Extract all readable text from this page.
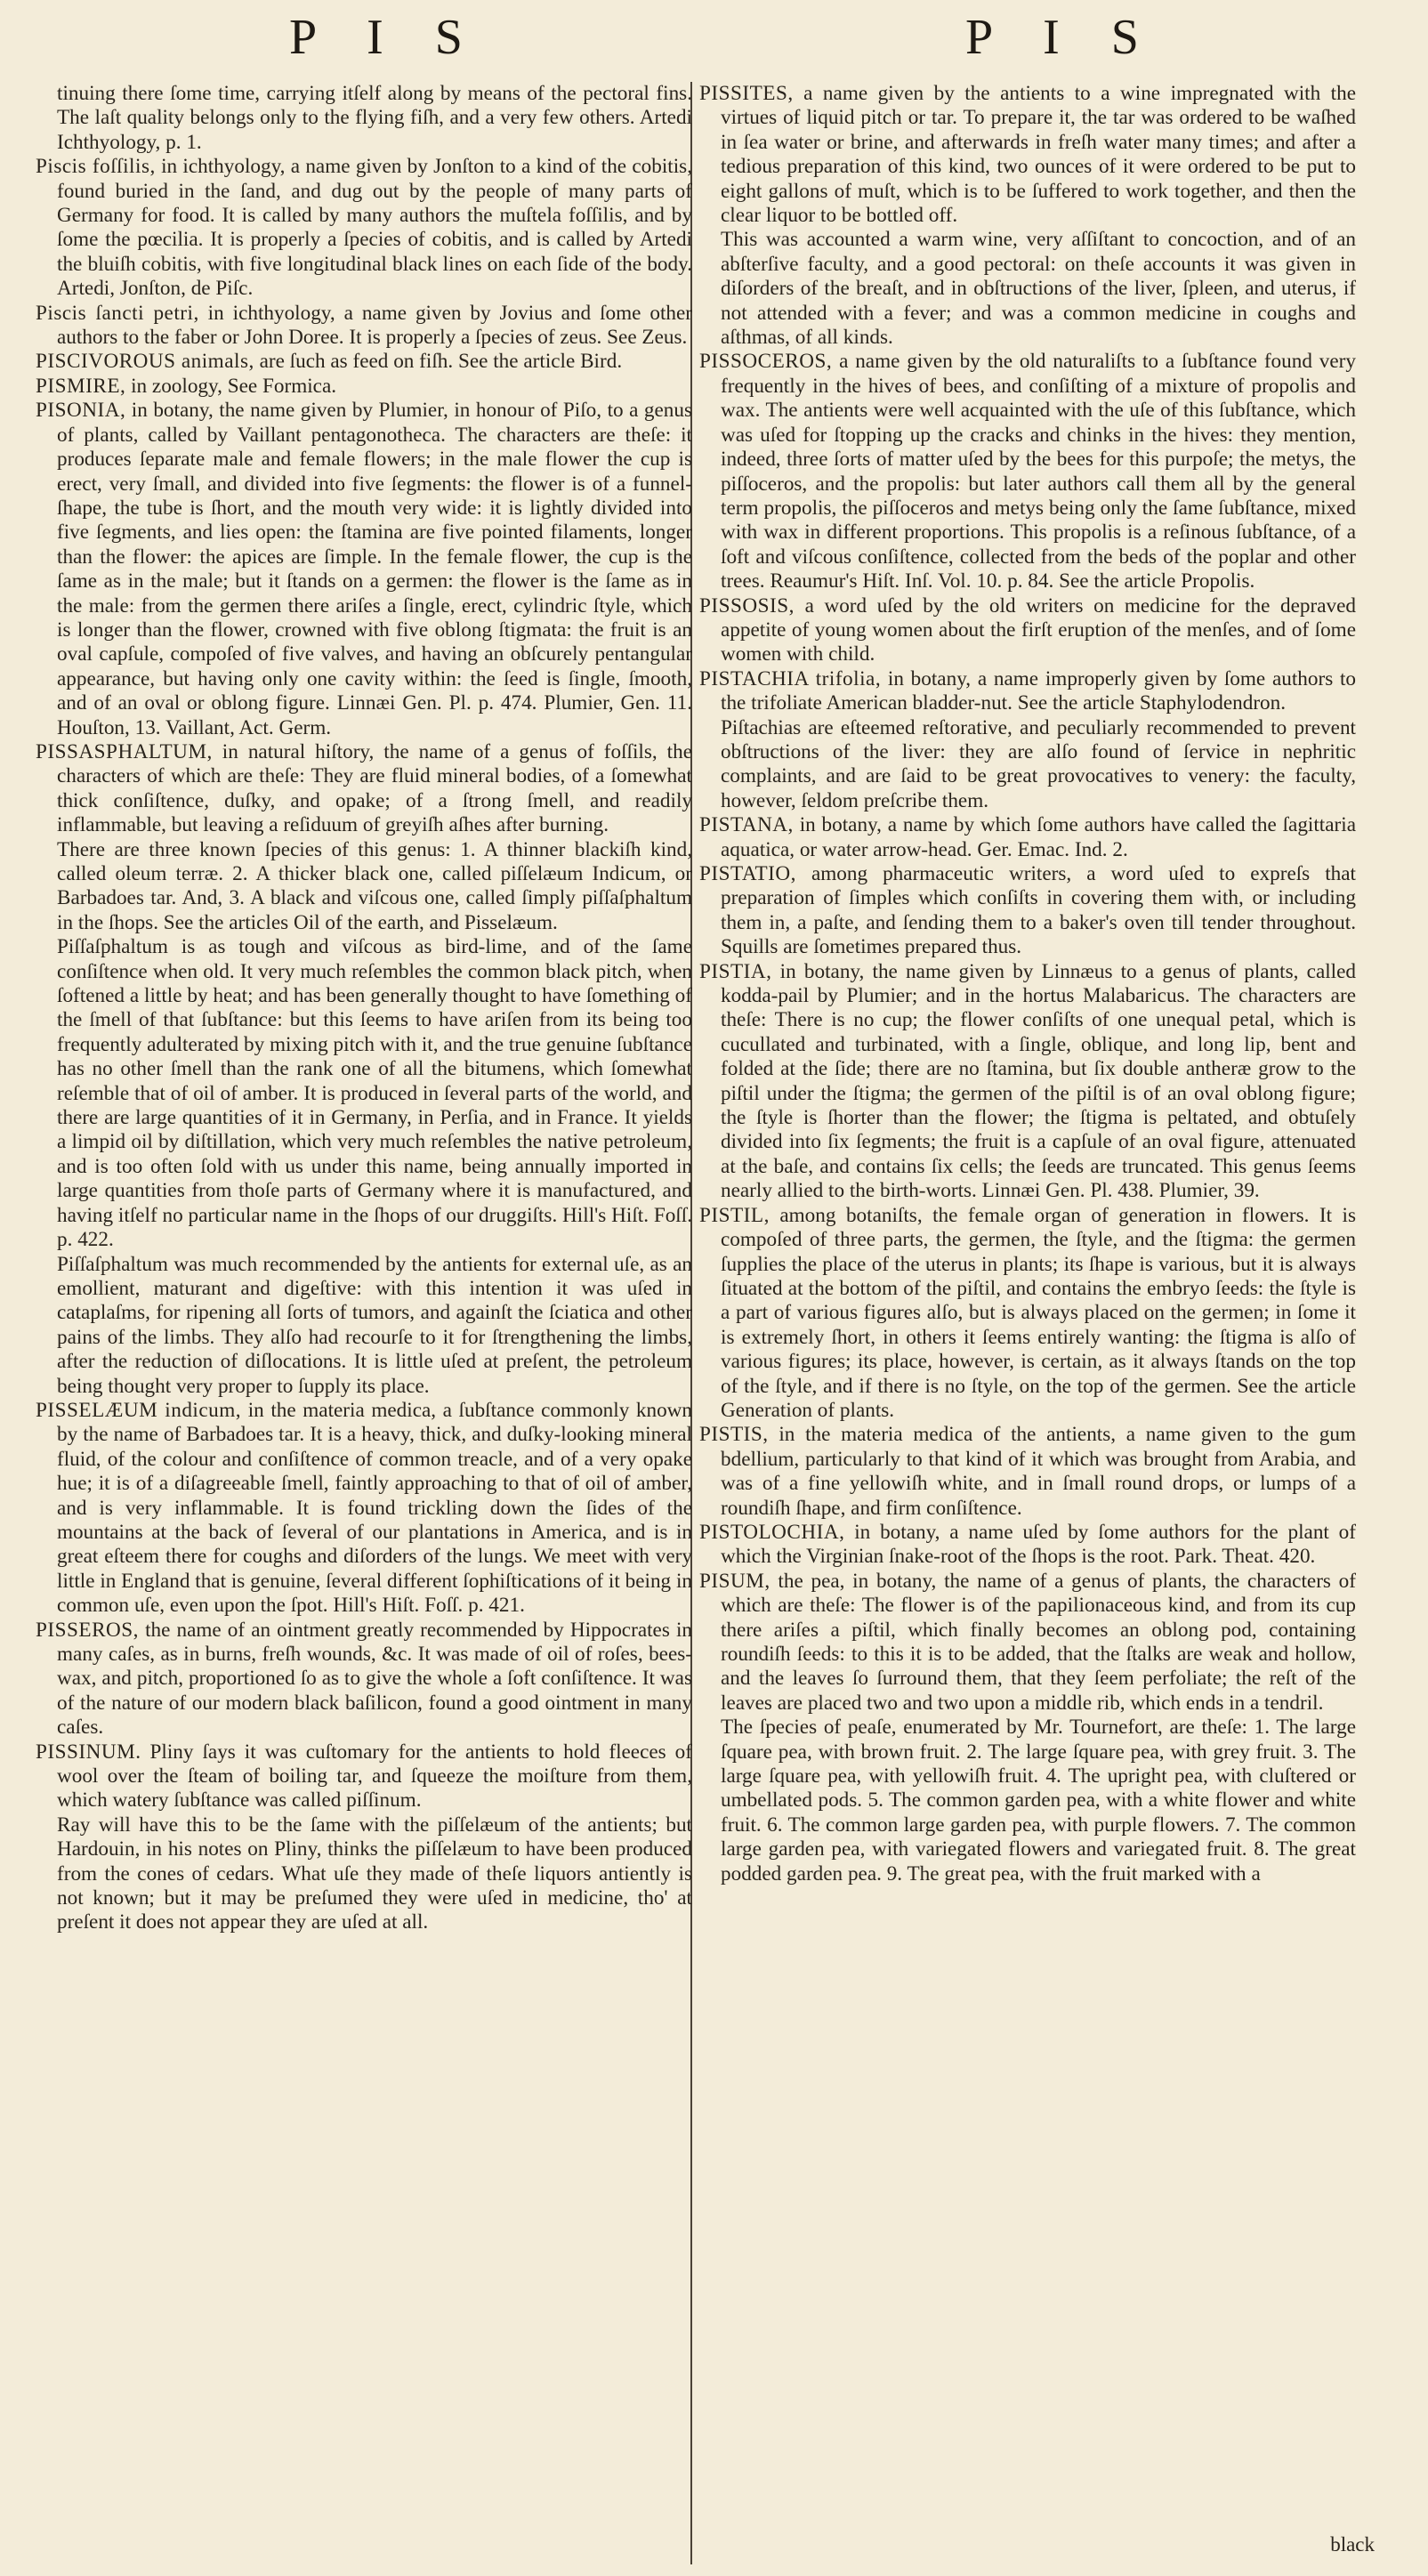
P I S	P I S

tinuing there ſome time, carrying itſelf along by means of the pectoral fins. The laſt quality belongs only to the flying fiſh, and a very few others. Artedi Ichthyology, p. 1.

Piscis foſſilis, in ichthyology, a name given by Jonſton to a kind of the cobitis, found buried in the ſand, and dug out by the people of many parts of Germany for food. It is called by many authors the muſtela foſſilis, and by ſome the pœcilia. It is properly a ſpecies of cobitis, and is called by Artedi the bluiſh cobitis, with five longitudinal black lines on each ſide of the body. Artedi, Jonſton, de Piſc.

Piscis ſancti petri, in ichthyology, a name given by Jovius and ſome other authors to the faber or John Doree. It is properly a ſpecies of zeus. See Zeus.

PISCIVOROUS animals, are ſuch as feed on fiſh. See the article Bird.

PISMIRE, in zoology, See Formica.

PISONIA, in botany, the name given by Plumier, in honour of Piſo, to a genus of plants, called by Vaillant pentagonotheca. The characters are theſe: it produces ſeparate male and female flowers; in the male flower the cup is erect, very ſmall, and divided into five ſegments: the flower is of a funnel-ſhape, the tube is ſhort, and the mouth very wide: it is lightly divided into five ſegments, and lies open: the ſtamina are five pointed filaments, longer than the flower: the apices are ſimple. In the female flower, the cup is the ſame as in the male; but it ſtands on a germen: the flower is the ſame as in the male: from the germen there ariſes a ſingle, erect, cylindric ſtyle, which is longer than the flower, crowned with five oblong ſtigmata: the fruit is an oval capſule, compoſed of five valves, and having an obſcurely pentangular appearance, but having only one cavity within: the ſeed is ſingle, ſmooth, and of an oval or oblong figure. Linnæi Gen. Pl. p. 474. Plumier, Gen. 11. Houſton, 13. Vaillant, Act. Germ.

PISSASPHALTUM, in natural hiſtory, the name of a genus of foſſils, the characters of which are theſe: They are fluid mineral bodies, of a ſomewhat thick conſiſtence, duſky, and opake; of a ſtrong ſmell, and readily inflammable, but leaving a reſiduum of greyiſh aſhes after burning.

There are three known ſpecies of this genus: 1. A thinner blackiſh kind, called oleum terræ. 2. A thicker black one, called piſſelæum Indicum, or Barbadoes tar. And, 3. A black and viſcous one, called ſimply piſſaſphaltum in the ſhops. See the articles Oil of the earth, and Pisselæum.

Piſſaſphaltum is as tough and viſcous as bird-lime, and of the ſame conſiſtence when old. It very much reſembles the common black pitch, when ſoftened a little by heat; and has been generally thought to have ſomething of the ſmell of that ſubſtance: but this ſeems to have ariſen from its being too frequently adulterated by mixing pitch with it, and the true genuine ſubſtance has no other ſmell than the rank one of all the bitumens, which ſomewhat reſemble that of oil of amber. It is produced in ſeveral parts of the world, and there are large quantities of it in Germany, in Perſia, and in France. It yields a limpid oil by diſtillation, which very much reſembles the native petroleum, and is too often ſold with us under this name, being annually imported in large quantities from thoſe parts of Germany where it is manufactured, and having itſelf no particular name in the ſhops of our druggiſts. Hill's Hiſt. Foſſ. p. 422.

Piſſaſphaltum was much recommended by the antients for external uſe, as an emollient, maturant and digeſtive: with this intention it was uſed in cataplaſms, for ripening all ſorts of tumors, and againſt the ſciatica and other pains of the limbs. They alſo had recourſe to it for ſtrengthening the limbs, after the reduction of diſlocations. It is little uſed at preſent, the petroleum being thought very proper to ſupply its place.

PISSELÆUM indicum, in the materia medica, a ſubſtance commonly known by the name of Barbadoes tar. It is a heavy, thick, and duſky-looking mineral fluid, of the colour and conſiſtence of common treacle, and of a very opake hue; it is of a diſagreeable ſmell, faintly approaching to that of oil of amber, and is very inflammable. It is found trickling down the ſides of the mountains at the back of ſeveral of our plantations in America, and is in great eſteem there for coughs and diſorders of the lungs. We meet with very little in England that is genuine, ſeveral different ſophiſtications of it being in common uſe, even upon the ſpot. Hill's Hiſt. Foſſ. p. 421.

PISSEROS, the name of an ointment greatly recommended by Hippocrates in many caſes, as in burns, freſh wounds, &c. It was made of oil of roſes, bees-wax, and pitch, proportioned ſo as to give the whole a ſoft conſiſtence. It was of the nature of our modern black baſilicon, found a good ointment in many caſes.

PISSINUM. Pliny ſays it was cuſtomary for the antients to hold fleeces of wool over the ſteam of boiling tar, and ſqueeze the moiſture from them, which watery ſubſtance was called piſſinum.

Ray will have this to be the ſame with the piſſelæum of the antients; but Hardouin, in his notes on Pliny, thinks the piſſelæum to have been produced from the cones of cedars. What uſe they made of theſe liquors antiently is not known; but it may be preſumed they were uſed in medicine, tho' at preſent it does not appear they are uſed at all.

PISSITES, a name given by the antients to a wine impregnated with the virtues of liquid pitch or tar. To prepare it, the tar was ordered to be waſhed in ſea water or brine, and afterwards in freſh water many times; and after a tedious preparation of this kind, two ounces of it were ordered to be put to eight gallons of muſt, which is to be ſuffered to work together, and then the clear liquor to be bottled off.

This was accounted a warm wine, very aſſiſtant to concoction, and of an abſterſive faculty, and a good pectoral: on theſe accounts it was given in diſorders of the breaſt, and in obſtructions of the liver, ſpleen, and uterus, if not attended with a fever; and was a common medicine in coughs and aſthmas, of all kinds.

PISSOCEROS, a name given by the old naturaliſts to a ſubſtance found very frequently in the hives of bees, and conſiſting of a mixture of propolis and wax. The antients were well acquainted with the uſe of this ſubſtance, which was uſed for ſtopping up the cracks and chinks in the hives: they mention, indeed, three ſorts of matter uſed by the bees for this purpoſe; the metys, the piſſoceros, and the propolis: but later authors call them all by the general term propolis, the piſſoceros and metys being only the ſame ſubſtance, mixed with wax in different proportions. This propolis is a reſinous ſubſtance, of a ſoft and viſcous conſiſtence, collected from the beds of the poplar and other trees. Reaumur's Hiſt. Inſ. Vol. 10. p. 84. See the article Propolis.

PISSOSIS, a word uſed by the old writers on medicine for the depraved appetite of young women about the firſt eruption of the menſes, and of ſome women with child.

PISTACHIA trifolia, in botany, a name improperly given by ſome authors to the trifoliate American bladder-nut. See the article Staphylodendron.

Piſtachias are eſteemed reſtorative, and peculiarly recommended to prevent obſtructions of the liver: they are alſo found of ſervice in nephritic complaints, and are ſaid to be great provocatives to venery: the faculty, however, ſeldom preſcribe them.

PISTANA, in botany, a name by which ſome authors have called the ſagittaria aquatica, or water arrow-head. Ger. Emac. Ind. 2.

PISTATIO, among pharmaceutic writers, a word uſed to expreſs that preparation of ſimples which conſiſts in covering them with, or including them in, a paſte, and ſending them to a baker's oven till tender throughout. Squills are ſometimes prepared thus.

PISTIA, in botany, the name given by Linnæus to a genus of plants, called kodda-pail by Plumier; and in the hortus Malabaricus. The characters are theſe: There is no cup; the flower conſiſts of one unequal petal, which is cucullated and turbinated, with a ſingle, oblique, and long lip, bent and folded at the ſide; there are no ſtamina, but ſix double antheræ grow to the piſtil under the ſtigma; the germen of the piſtil is of an oval oblong figure; the ſtyle is ſhorter than the flower; the ſtigma is peltated, and obtuſely divided into ſix ſegments; the fruit is a capſule of an oval figure, attenuated at the baſe, and contains ſix cells; the ſeeds are truncated. This genus ſeems nearly allied to the birth-worts. Linnæi Gen. Pl. 438. Plumier, 39.

PISTIL, among botaniſts, the female organ of generation in flowers. It is compoſed of three parts, the germen, the ſtyle, and the ſtigma: the germen ſupplies the place of the uterus in plants; its ſhape is various, but it is always ſituated at the bottom of the piſtil, and contains the embryo ſeeds: the ſtyle is a part of various figures alſo, but is always placed on the germen; in ſome it is extremely ſhort, in others it ſeems entirely wanting: the ſtigma is alſo of various figures; its place, however, is certain, as it always ſtands on the top of the ſtyle, and if there is no ſtyle, on the top of the germen. See the article Generation of plants.

PISTIS, in the materia medica of the antients, a name given to the gum bdellium, particularly to that kind of it which was brought from Arabia, and was of a fine yellowiſh white, and in ſmall round drops, or lumps of a roundiſh ſhape, and firm conſiſtence.

PISTOLOCHIA, in botany, a name uſed by ſome authors for the plant of which the Virginian ſnake-root of the ſhops is the root. Park. Theat. 420.

PISUM, the pea, in botany, the name of a genus of plants, the characters of which are theſe: The flower is of the papilionaceous kind, and from its cup there ariſes a piſtil, which finally becomes an oblong pod, containing roundiſh ſeeds: to this it is to be added, that the ſtalks are weak and hollow, and the leaves ſo ſurround them, that they ſeem perfoliate; the reſt of the leaves are placed two and two upon a middle rib, which ends in a tendril.

The ſpecies of peaſe, enumerated by Mr. Tournefort, are theſe: 1. The large ſquare pea, with brown fruit. 2. The large ſquare pea, with grey fruit. 3. The large ſquare pea, with yellowiſh fruit. 4. The upright pea, with cluſtered or umbellated pods. 5. The common garden pea, with a white flower and white fruit. 6. The common large garden pea, with purple flowers. 7. The common large garden pea, with variegated flowers and variegated fruit. 8. The great podded garden pea. 9. The great pea, with the fruit marked with a

black
